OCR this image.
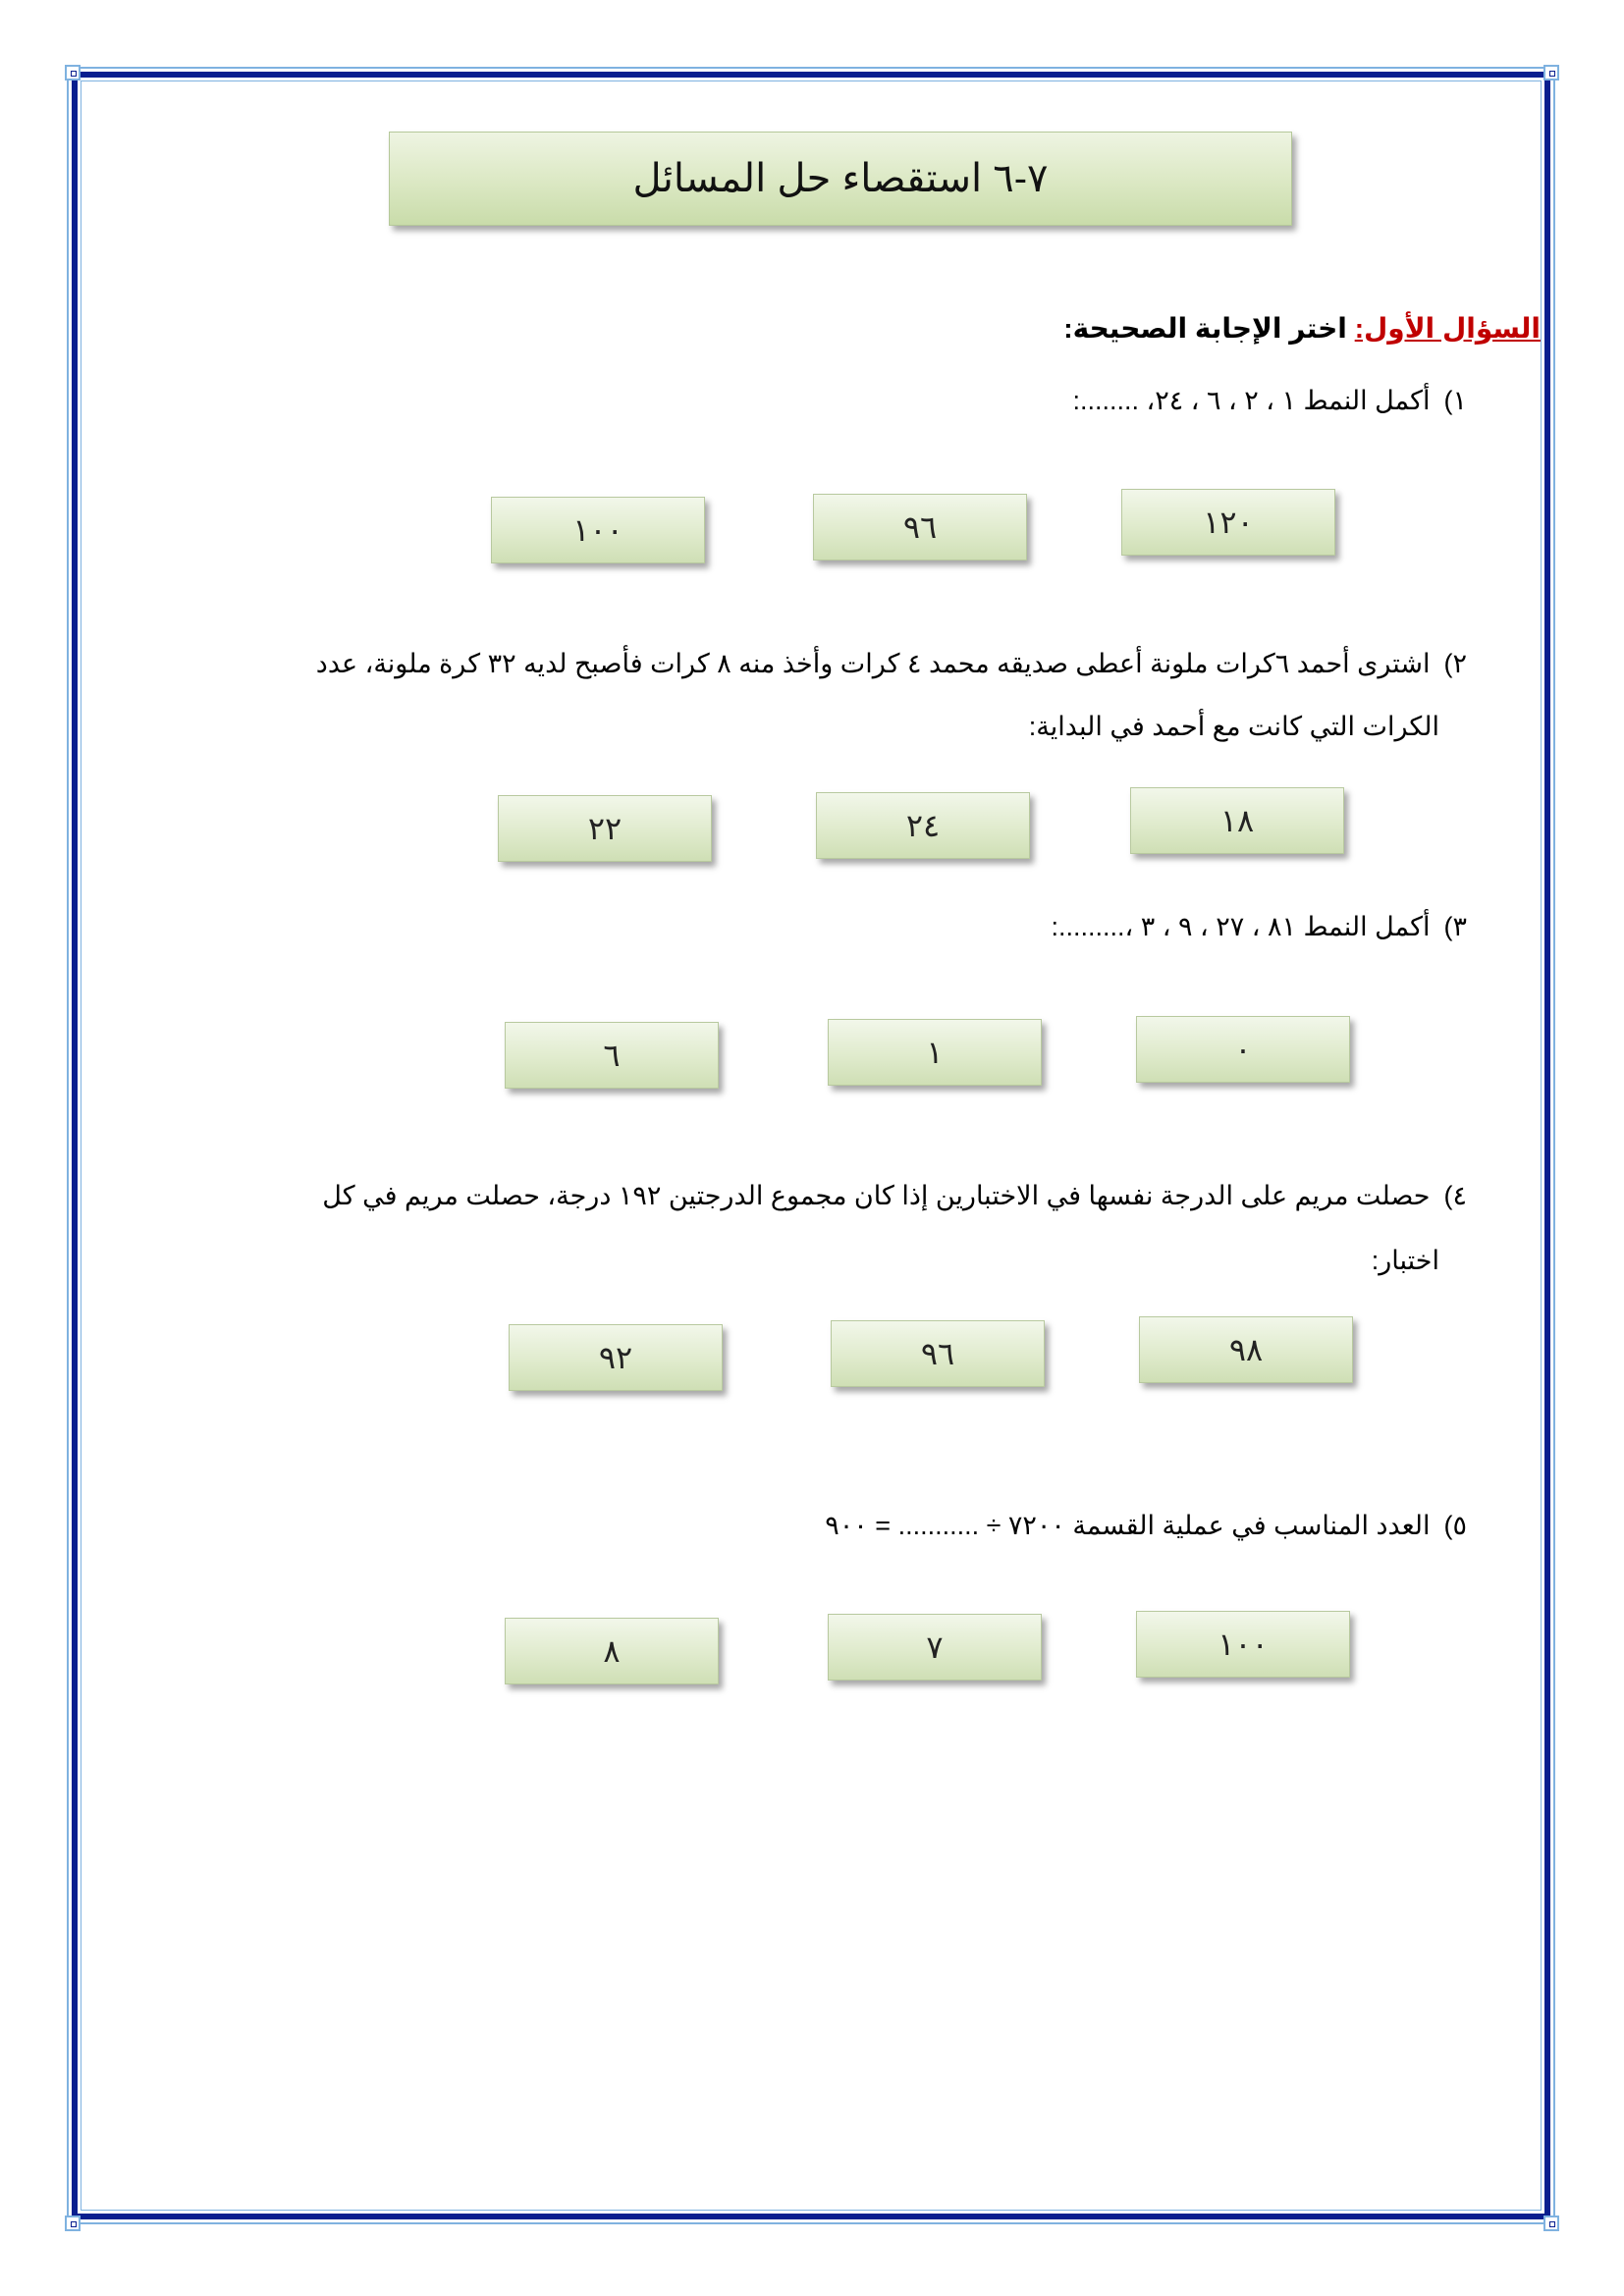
٧-٦ استقصاء حل المسائل
السؤال الأول: اختر الإجابة الصحيحة:
١)أكمل النمط ١ ، ٢ ، ٦ ، ٢٤، ........:
١٢٠
٩٦
١٠٠
٢)اشترى أحمد ٦كرات ملونة أعطى صديقه محمد ٤ كرات وأخذ منه ٨ كرات فأصبح لديه ٣٢ كرة ملونة، عدد
الكرات التي كانت مع أحمد في البداية:
١٨
٢٤
٢٢
٣)أكمل النمط ٨١ ، ٢٧ ، ٩ ، ٣ ،.........:
٠
١
٦
٤)حصلت مريم على الدرجة نفسها في الاختبارين إذا كان مجموع الدرجتين ١٩٢ درجة، حصلت مريم في كل
اختبار:
٩٨
٩٦
٩٢
٥)العدد المناسب في عملية القسمة ٧٢٠٠ ÷ ........... = ٩٠٠
١٠٠
٧
٨
